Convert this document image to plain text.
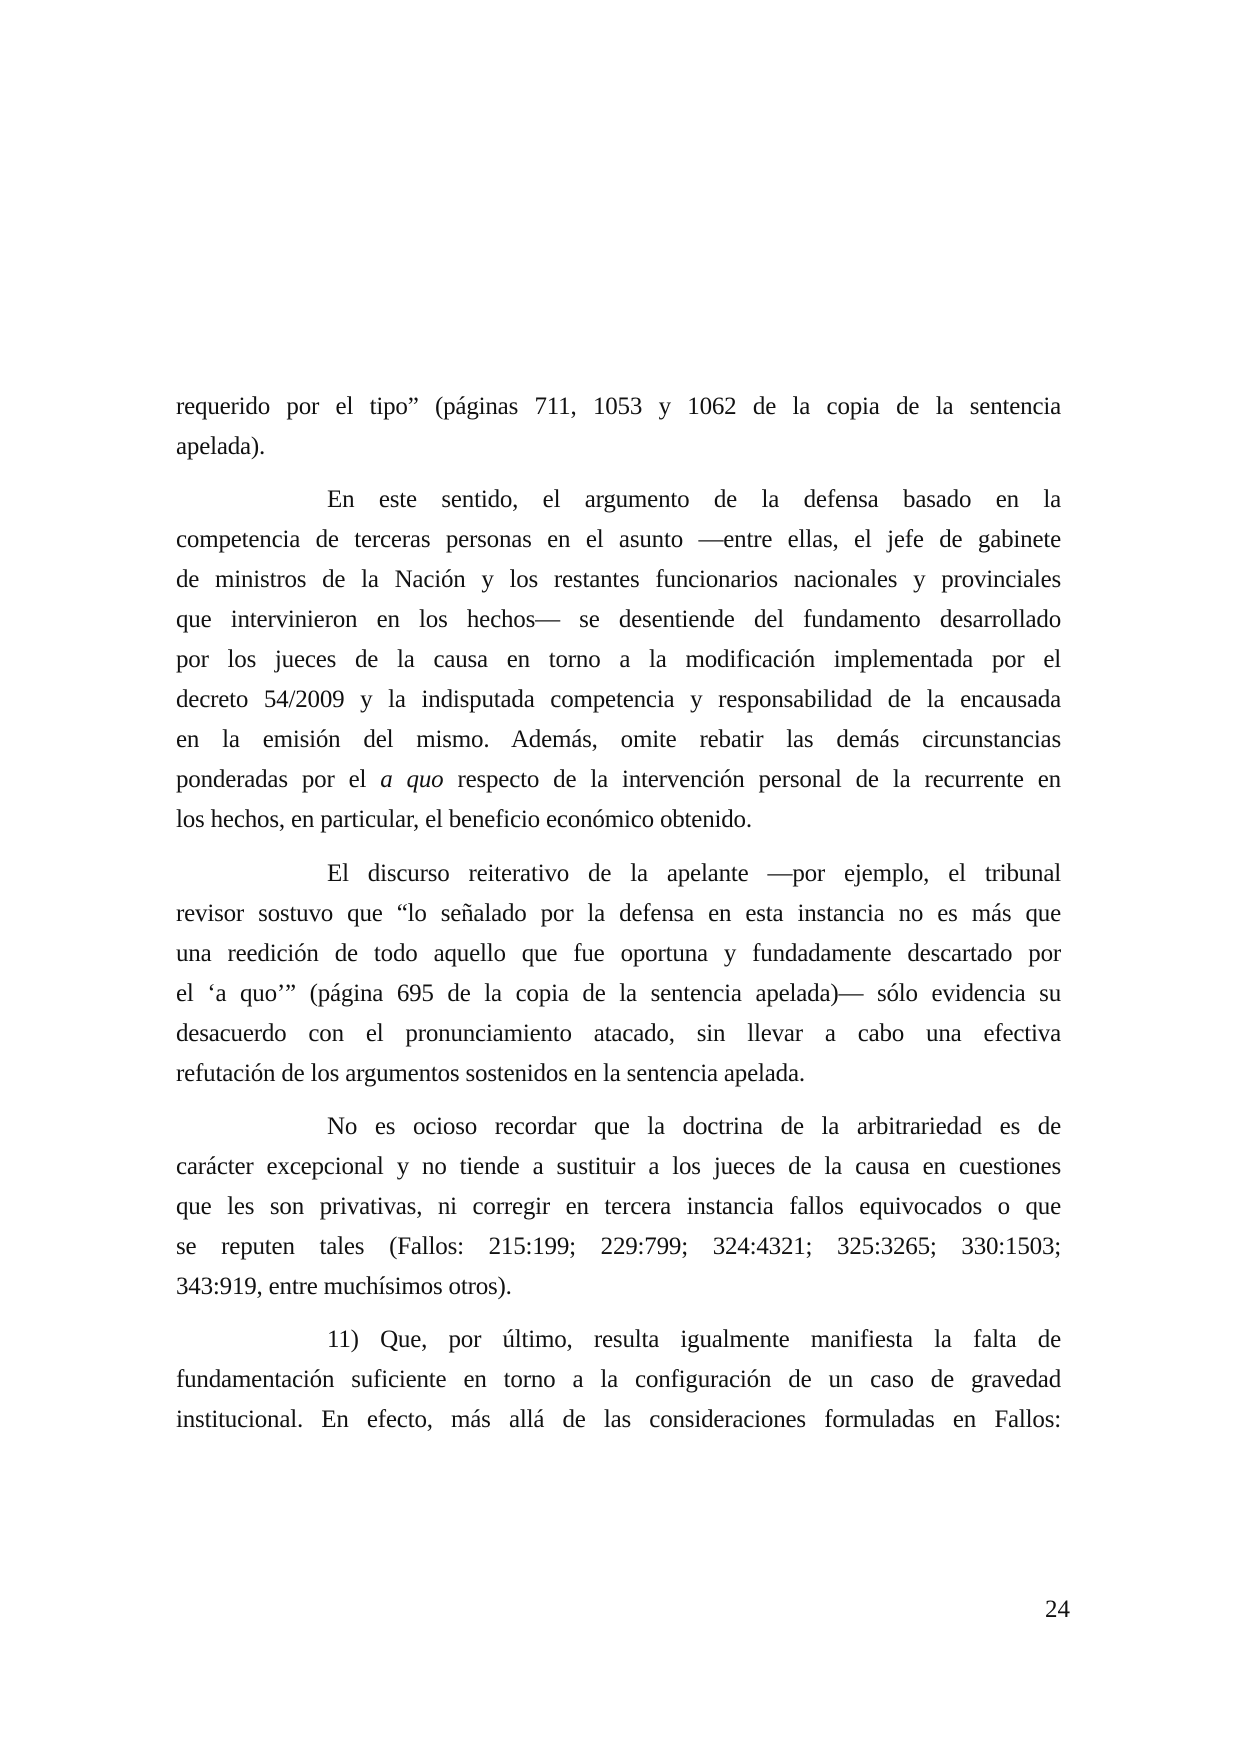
requerido por el tipo” (páginas 711, 1053 y 1062 de la copia de la sentencia
apelada).
En este sentido, el argumento de la defensa basado en la
competencia de terceras personas en el asunto —entre ellas, el jefe de gabinete
de ministros de la Nación y los restantes funcionarios nacionales y provinciales
que intervinieron en los hechos— se desentiende del fundamento desarrollado
por los jueces de la causa en torno a la modificación implementada por el
decreto 54/2009 y la indisputada competencia y responsabilidad de la encausada
en la emisión del mismo. Además, omite rebatir las demás circunstancias
ponderadas por el a quo respecto de la intervención personal de la recurrente en
los hechos, en particular, el beneficio económico obtenido.
El discurso reiterativo de la apelante —por ejemplo, el tribunal
revisor sostuvo que “lo señalado por la defensa en esta instancia no es más que
una reedición de todo aquello que fue oportuna y fundadamente descartado por
el ‘a quo’” (página 695 de la copia de la sentencia apelada)— sólo evidencia su
desacuerdo con el pronunciamiento atacado, sin llevar a cabo una efectiva
refutación de los argumentos sostenidos en la sentencia apelada.
No es ocioso recordar que la doctrina de la arbitrariedad es de
carácter excepcional y no tiende a sustituir a los jueces de la causa en cuestiones
que les son privativas, ni corregir en tercera instancia fallos equivocados o que
se reputen tales (Fallos: 215:199; 229:799; 324:4321; 325:3265; 330:1503;
343:919, entre muchísimos otros).
11) Que, por último, resulta igualmente manifiesta la falta de
fundamentación suficiente en torno a la configuración de un caso de gravedad
institucional. En efecto, más allá de las consideraciones formuladas en Fallos:
24
